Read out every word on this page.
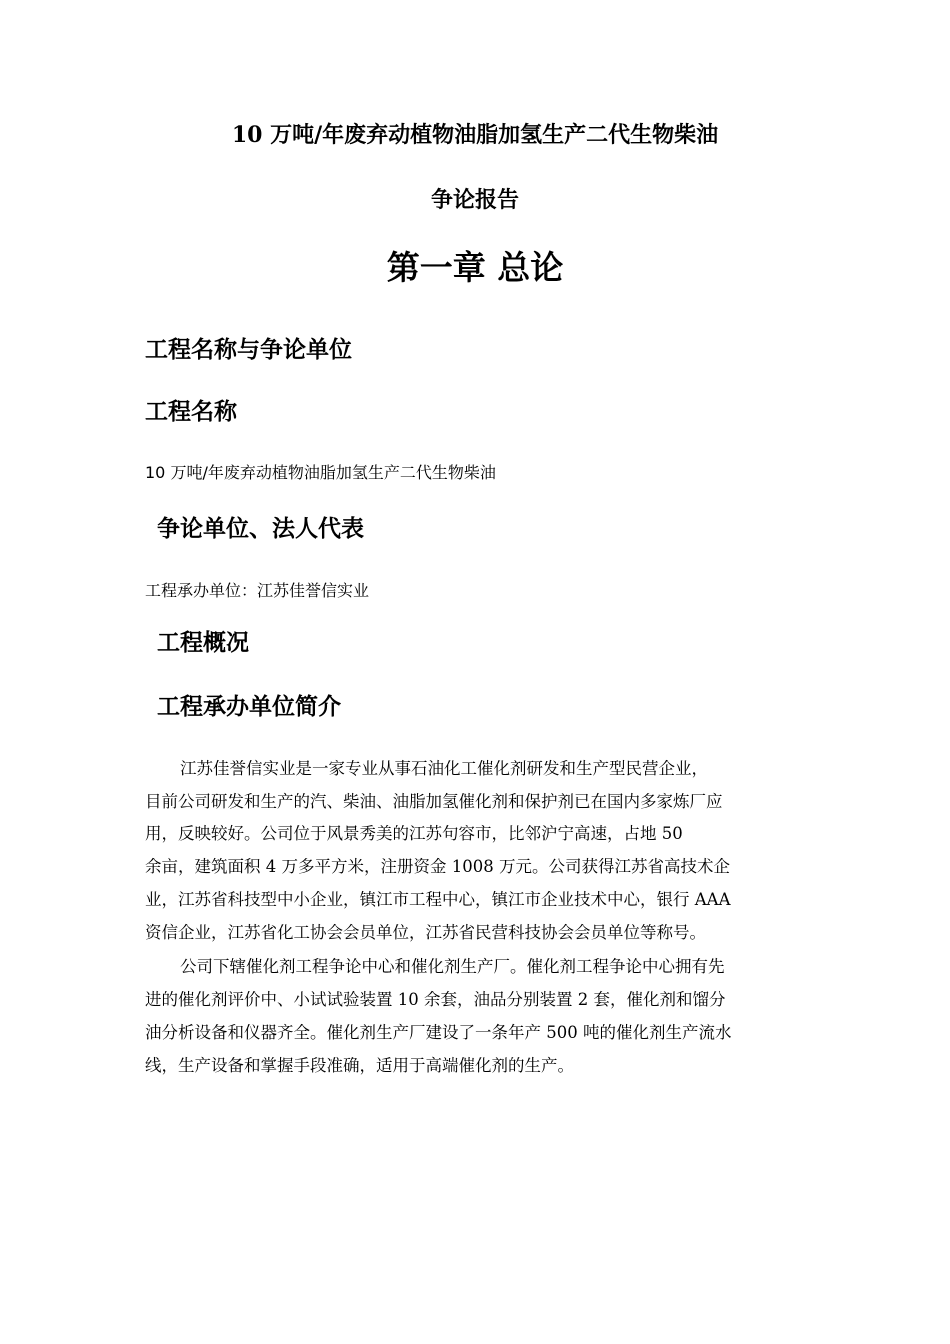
10 万吨/年废弃动植物油脂加氢生产二代生物柴油
争论报告
第一章 总论
工程名称与争论单位
工程名称
10 万吨/年废弃动植物油脂加氢生产二代生物柴油
争论单位、法人代表
工程承办单位：江苏佳誉信实业
工程概况
工程承办单位简介
江苏佳誉信实业是一家专业从事石油化工催化剂研发和生产型民营企业，
目前公司研发和生产的汽、柴油、油脂加氢催化剂和保护剂已在国内多家炼厂应
用，反映较好。公司位于风景秀美的江苏句容市，比邻沪宁高速，占地 50
余亩，建筑面积 4 万多平方米，注册资金 1008 万元。公司获得江苏省高技术企
业，江苏省科技型中小企业，镇江市工程中心，镇江市企业技术中心，银行 AAA
资信企业，江苏省化工协会会员单位，江苏省民营科技协会会员单位等称号。
公司下辖催化剂工程争论中心和催化剂生产厂。催化剂工程争论中心拥有先
进的催化剂评价中、小试试验装置 10 余套，油品分别装置 2 套，催化剂和馏分
油分析设备和仪器齐全。催化剂生产厂建设了一条年产 500 吨的催化剂生产流水
线，生产设备和掌握手段准确，适用于高端催化剂的生产。
